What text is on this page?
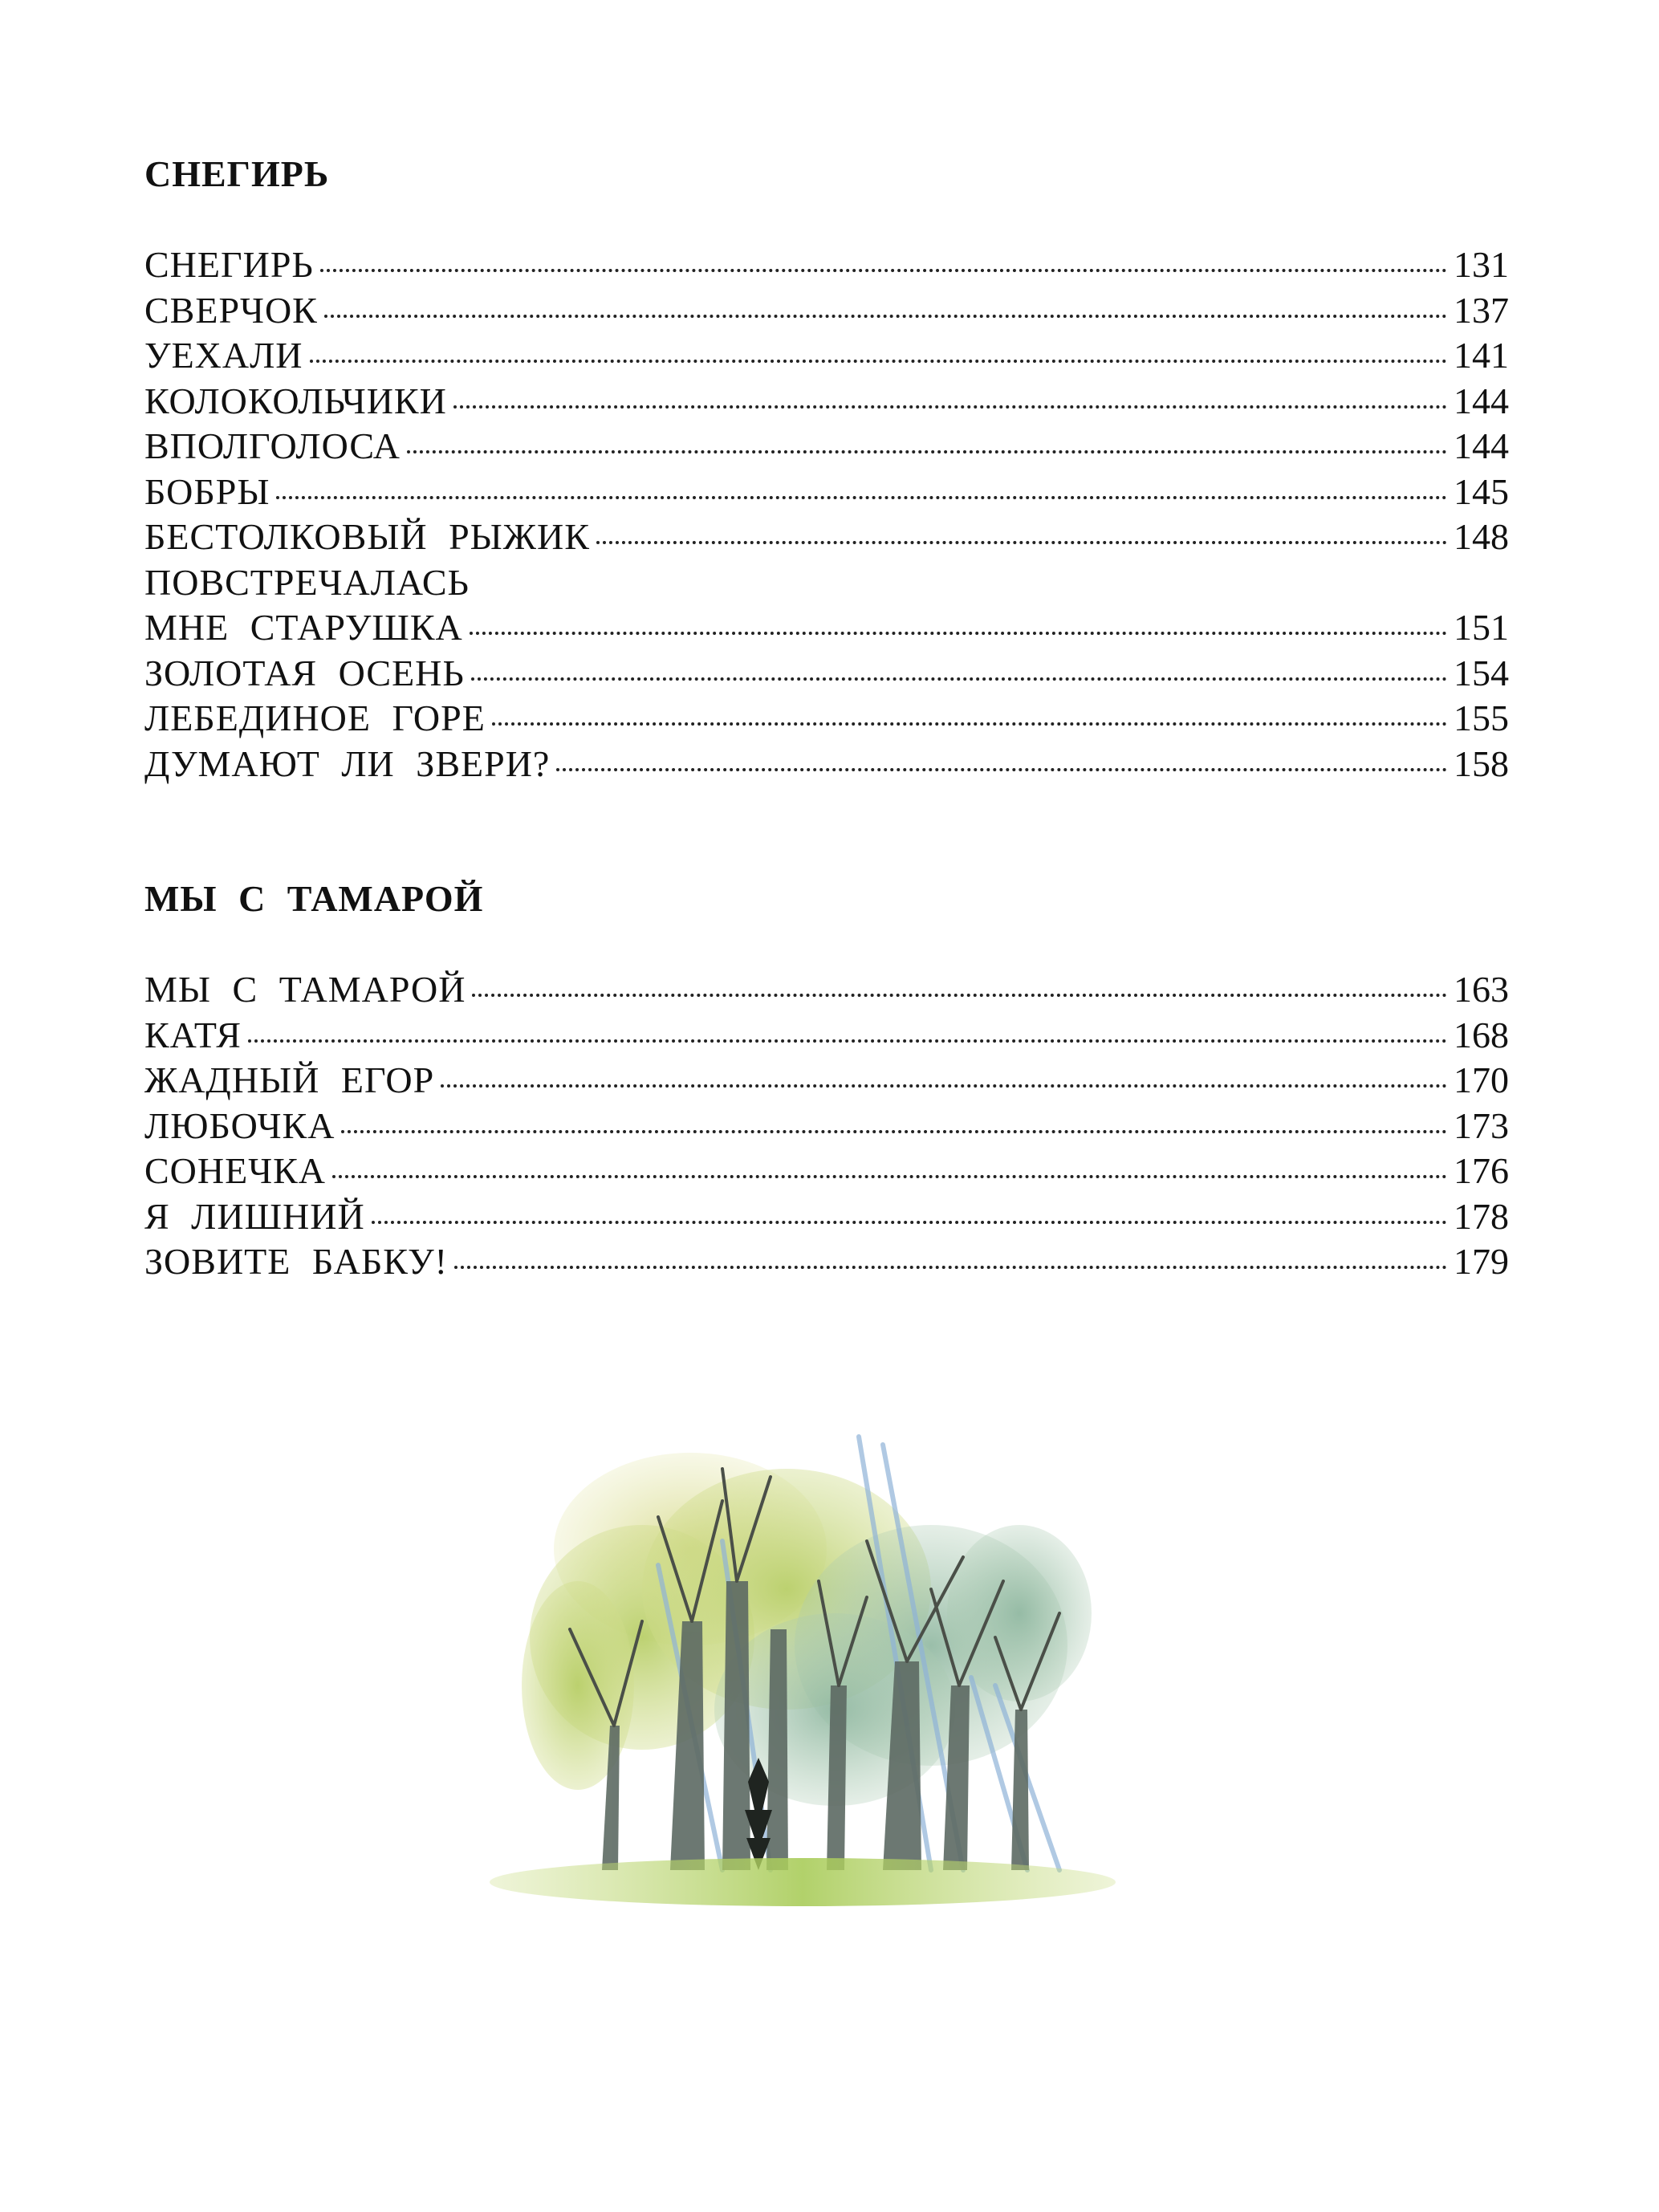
СНЕГИРЬ
СНЕГИРЬ	131
СВЕРЧОК	137
УЕХАЛИ	141
КОЛОКОЛЬЧИКИ	144
ВПОЛГОЛОСА	144
БОБРЫ	145
БЕСТОЛКОВЫЙ РЫЖИК	148
ПОВСТРЕЧАЛАСЬ
МНЕ СТАРУШКА	151
ЗОЛОТАЯ ОСЕНЬ	154
ЛЕБЕДИНОЕ ГОРЕ	155
ДУМАЮТ ЛИ ЗВЕРИ?	158
МЫ С ТАМАРОЙ
МЫ С ТАМАРОЙ	163
КАТЯ	168
ЖАДНЫЙ ЕГОР	170
ЛЮБОЧКА	173
СОНЕЧКА	176
Я ЛИШНИЙ	178
ЗОВИТЕ БАБКУ!	179
